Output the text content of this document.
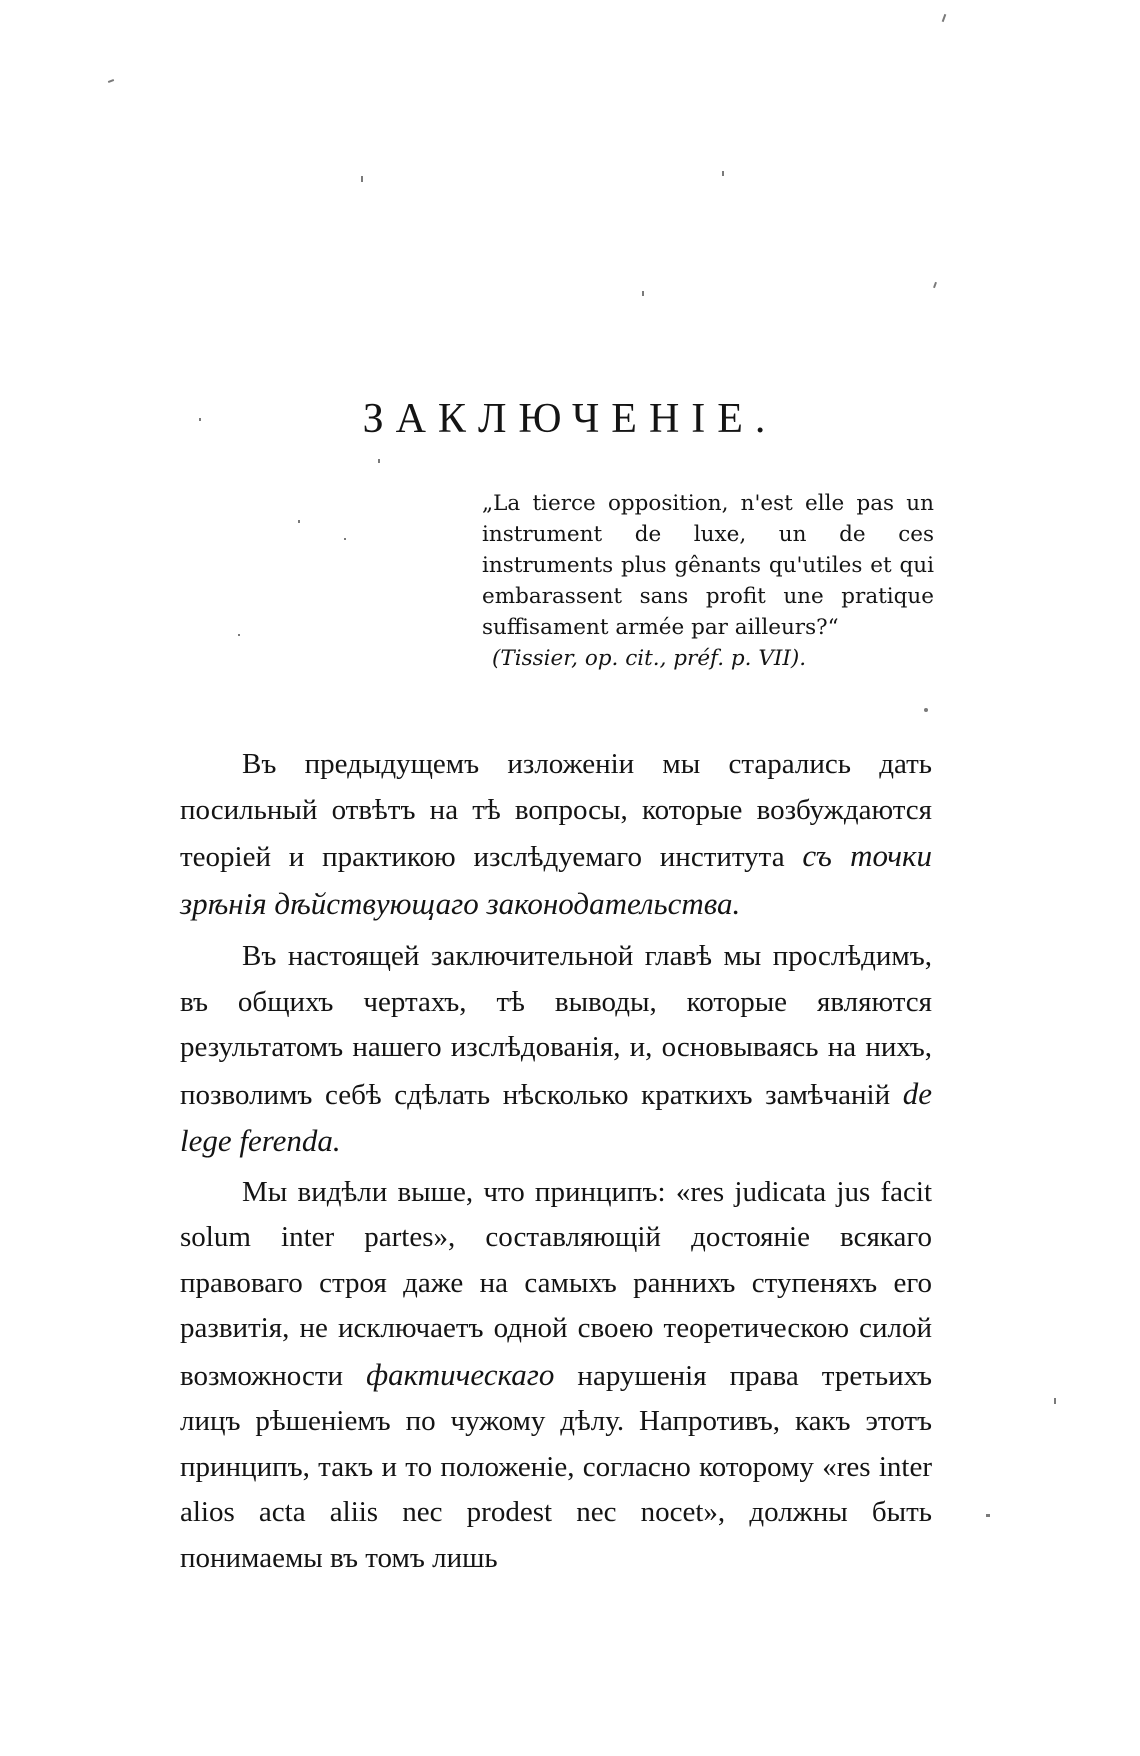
ЗАКЛЮЧЕНІЕ.
„La tierce opposition, n'est elle pas un instrument de luxe, un de ces instruments plus gênants qu'utiles et qui embarassent sans profit une pratique suffisament armée par ailleurs?“
(Tissier, op. cit., préf. p. VII).

Въ предыдущемъ изложеніи мы старались дать посильный отвѣтъ на тѣ вопросы, которые возбуждаются теоріей и практикою изслѣдуемаго института съ точки зрѣнія дѣйствующаго законодательства.

Въ настоящей заключительной главѣ мы прослѣдимъ, въ общихъ чертахъ, тѣ выводы, которые являются результатомъ нашего изслѣдованія, и, основываясь на нихъ, позволимъ себѣ сдѣлать нѣсколько краткихъ замѣчаній de lege ferenda.

Мы видѣли выше, что принципъ: «res judicata jus facit solum inter partes», составляющій достояніе всякаго правоваго строя даже на самыхъ раннихъ ступеняхъ его развитія, не исключаетъ одной своею теоретическою силой возможности фактическаго нарушенія права третьихъ лицъ рѣшеніемъ по чужому дѣлу. Напротивъ, какъ этотъ принципъ, такъ и то положеніе, согласно которому «res inter alios acta aliis nec prodest nec nocet», должны быть понимаемы въ томъ лишь
